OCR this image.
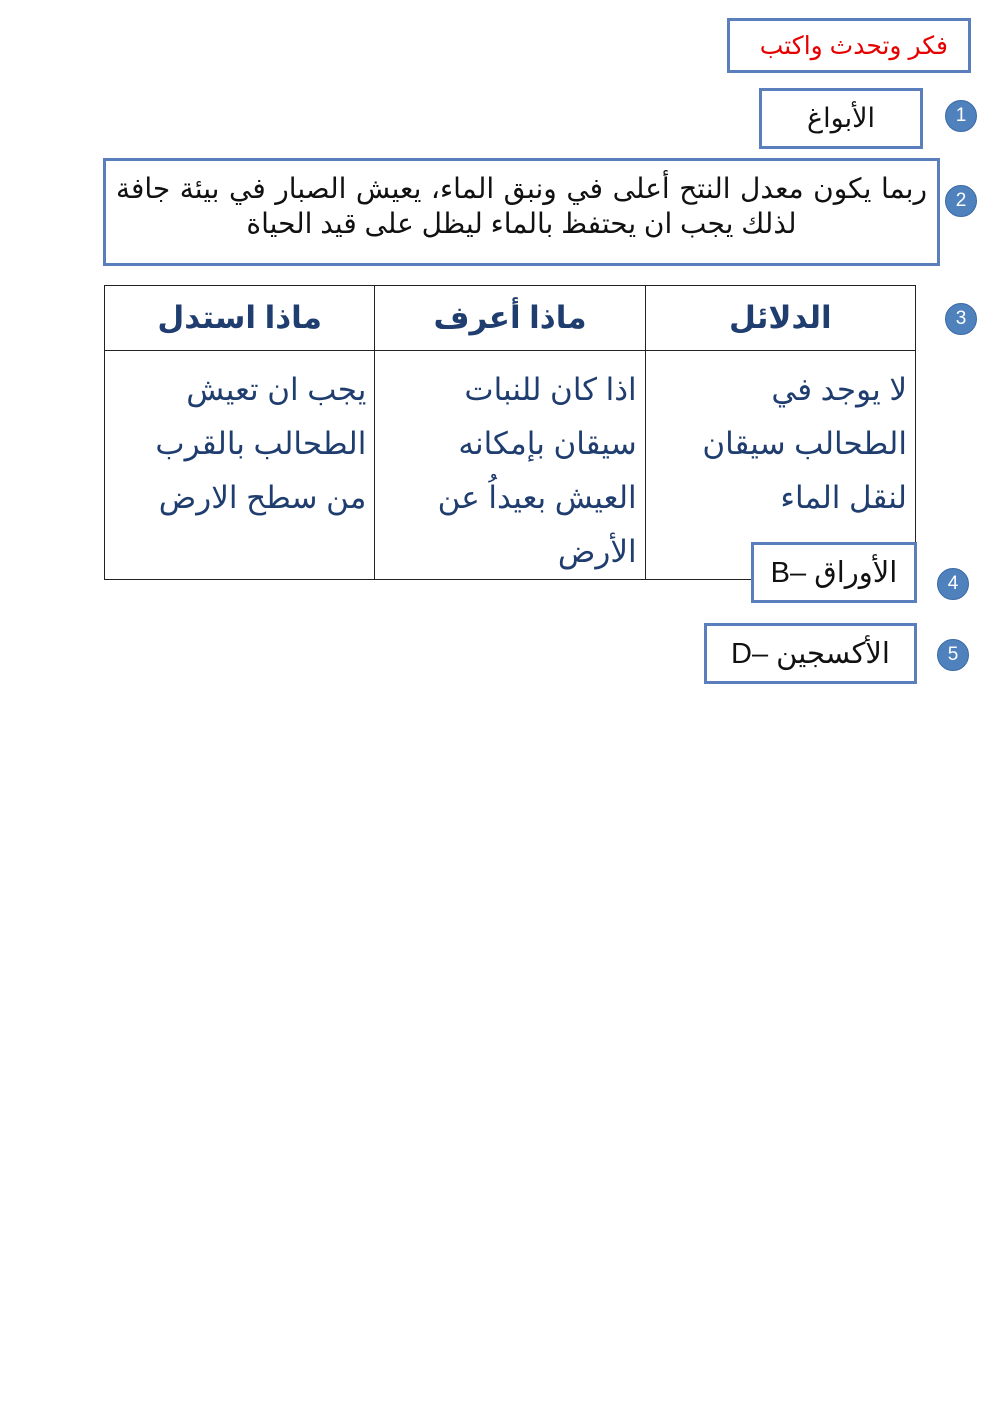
فكر وتحدث واكتب
1
الأبواغ
2

ربما يكون معدل النتح أعلى في ونبق الماء، يعيش الصبار في بيئة جافة لذلك يجب ان يحتفظ بالماء ليظل على قيد الحياة

3
الدلائل	ماذا أعرف	ماذا استدل
لا يوجد في الطحالب سيقان لنقل الماء	اذا كان للنبات سيقان بإمكانه العيش بعيداُ عن الأرض	يجب ان تعيش الطحالب بالقرب من سطح الارض
4
B– الأوراق
5
D– الأكسجين
